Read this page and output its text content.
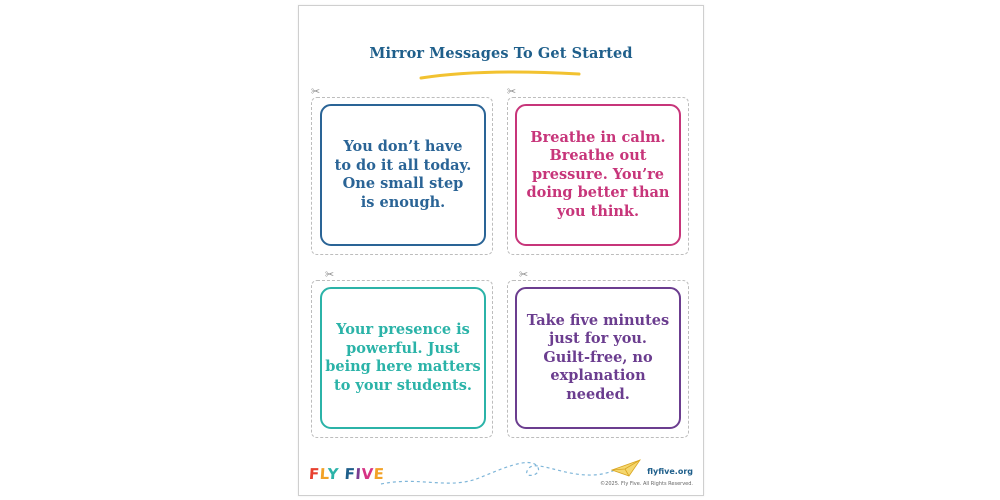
Mirror Messages To Get Started
✂
You don’t have
to do it all today.
One small step
is enough.
✂
Breathe in calm.
Breathe out
pressure. You’re
doing better than
you think.
✂
Your presence is
powerful. Just
being here matters
to your students.
✂
Take five minutes
just for you.
Guilt-free, no
explanation
needed.
FLY FIVE	flyfive.org
©2025. Fly Five. All Rights Reserved.
